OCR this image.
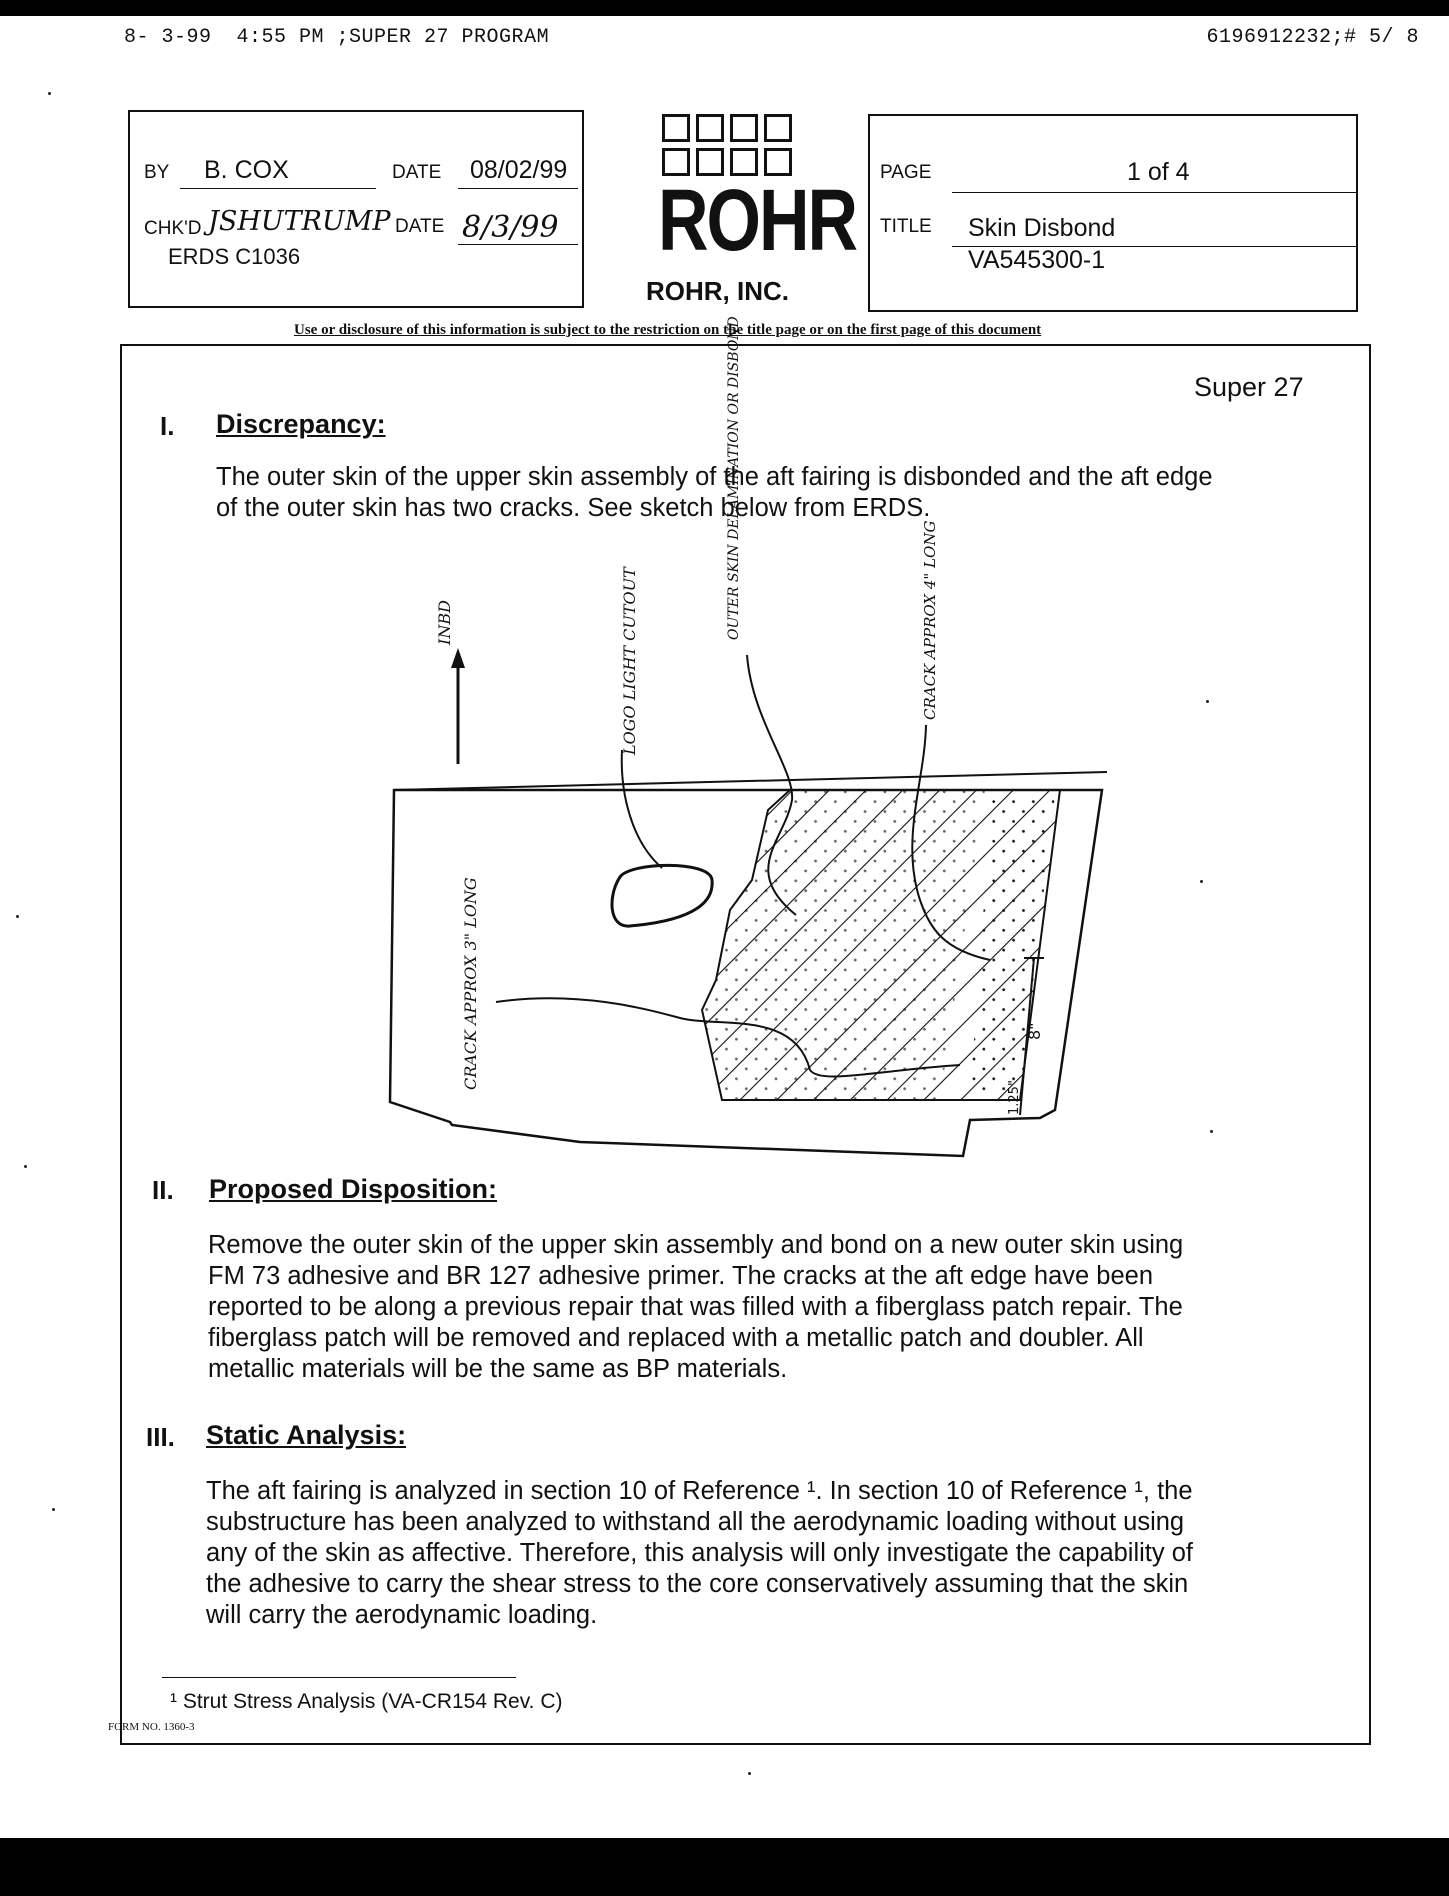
8- 3-99  4:55 PM ;SUPER 27 PROGRAM	6196912232;# 5/ 8
BY B. COX	DATE 08/02/99
CHK'D JSHUTRUMP DATE 8/3/99
ERDS C1036	ROHR
ROHR, INC.
PAGE	1 of 4
TITLE Skin Disbond
VA545300-1
Use or disclosure of this information is subject to the restriction on the title page or on the first page of this document
Super 27
I. Discrepancy:
The outer skin of the upper skin assembly of the aft fairing is disbonded and the aft edge
of the outer skin has two cracks. See sketch below from ERDS.
INBD	LOGO LIGHT CUTOUT
OUTER SKIN DELAMINATION OR DISBOND	CRACK APPROX 4" LONG
CRACK APPROX 3" LONG	8"
1.25"
II. Proposed Disposition:
Remove the outer skin of the upper skin assembly and bond on a new outer skin using
FM 73 adhesive and BR 127 adhesive primer. The cracks at the aft edge have been
reported to be along a previous repair that was filled with a fiberglass patch repair. The
fiberglass patch will be removed and replaced with a metallic patch and doubler. All
metallic materials will be the same as BP materials.
III. Static Analysis:
The aft fairing is analyzed in section 10 of Reference ¹. In section 10 of Reference ¹, the
substructure has been analyzed to withstand all the aerodynamic loading without using
any of the skin as affective. Therefore, this analysis will only investigate the capability of
the adhesive to carry the shear stress to the core conservatively assuming that the skin
will carry the aerodynamic loading.
¹ Strut Stress Analysis (VA-CR154 Rev. C)
FORM NO. 1360-3
